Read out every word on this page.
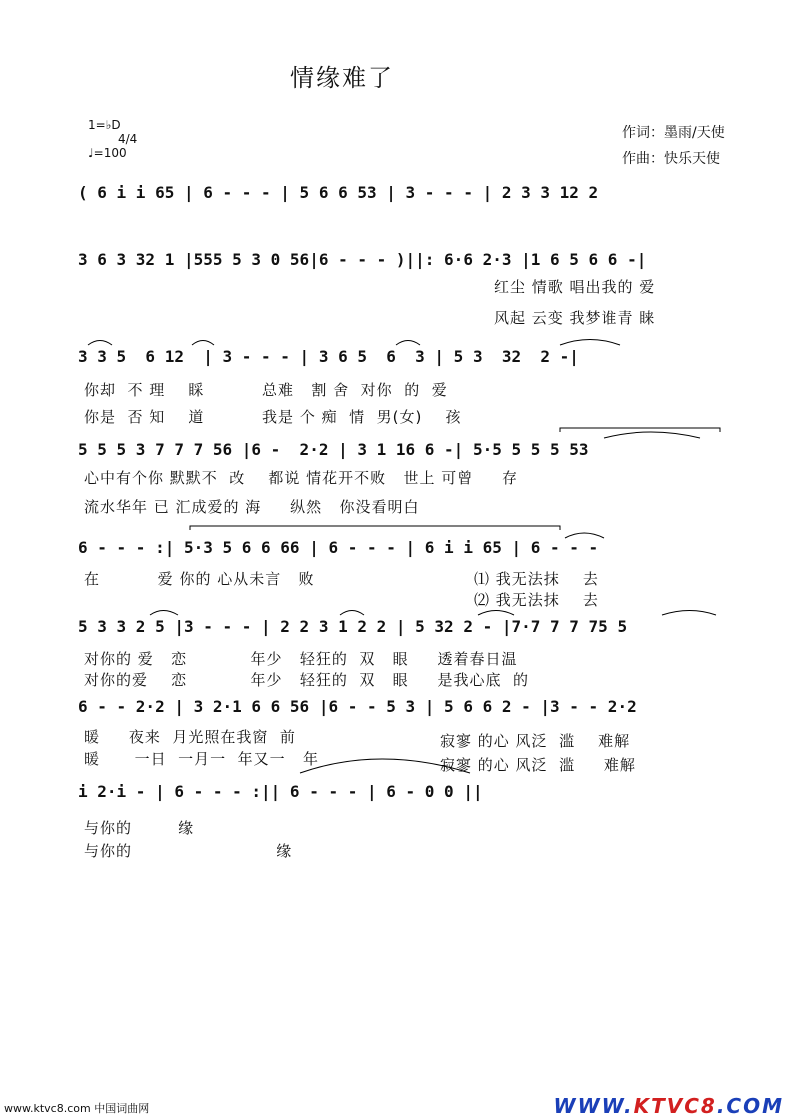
情缘难了
1=♭D
4/4
♩=100
作词：墨雨/天使
作曲：快乐天使
( 6 i i 65 | 6 - - - | 5 6 6 53 | 3 - - - | 2 3 3 12 2
3 6 3 32 1 |555 5 3 0 56|6 - - - )||: 6·6 2·3 |1 6 5 6 6 -|
3 3 5  6 12  | 3 - - - | 3 6 5  6  3 | 5 3  32  2 -|
5 5 5 3 7 7 7 56 |6 -  2·2 | 3 1 16 6 -| 5·5 5 5 5 53
6 - - - :| 5·3 5 6 6 66 | 6 - - - | 6 i i 65 | 6 - - -
5 3 3 2 5 |3 - - - | 2 2 3 1 2 2 | 5 32 2 - |7·7 7 7 75 5
6 - - 2·2 | 3 2·1 6 6 56 |6 - - 5 3 | 5 6 6 2 - |3 - - 2·2
i 2·i - | 6 - - - :|| 6 - - - | 6 - 0 0 ||
红尘 情歌 唱出我的 爱
风起 云变 我梦谁青 睐
你却  不 理    睬          总难   割 舍  对你  的  爱
你是  否 知    道          我是 个 痴  情  男(女)    孩
心中有个你 默默不  改    都说 情花开不败   世上 可曾     存
流水华年 已 汇成爱的 海     纵然   你没看明白
在          爱 你的 心从未言   败	⑴ 我无法抹    去
⑵ 我无法抹    去
对你的 爱   恋           年少   轻狂的  双   眼     透着春日温
对你的爱    恋           年少   轻狂的  双   眼     是我心底  的
暖     夜来  月光照在我窗  前
暖      一日  一月一  年又一   年
寂寥 的心 风泛  滥    难解
寂寥 的心 风泛  滥     难解
与你的        缘
与你的                         缘
www.ktvc8.com 中国词曲网	WWW.KTVC8.COM
